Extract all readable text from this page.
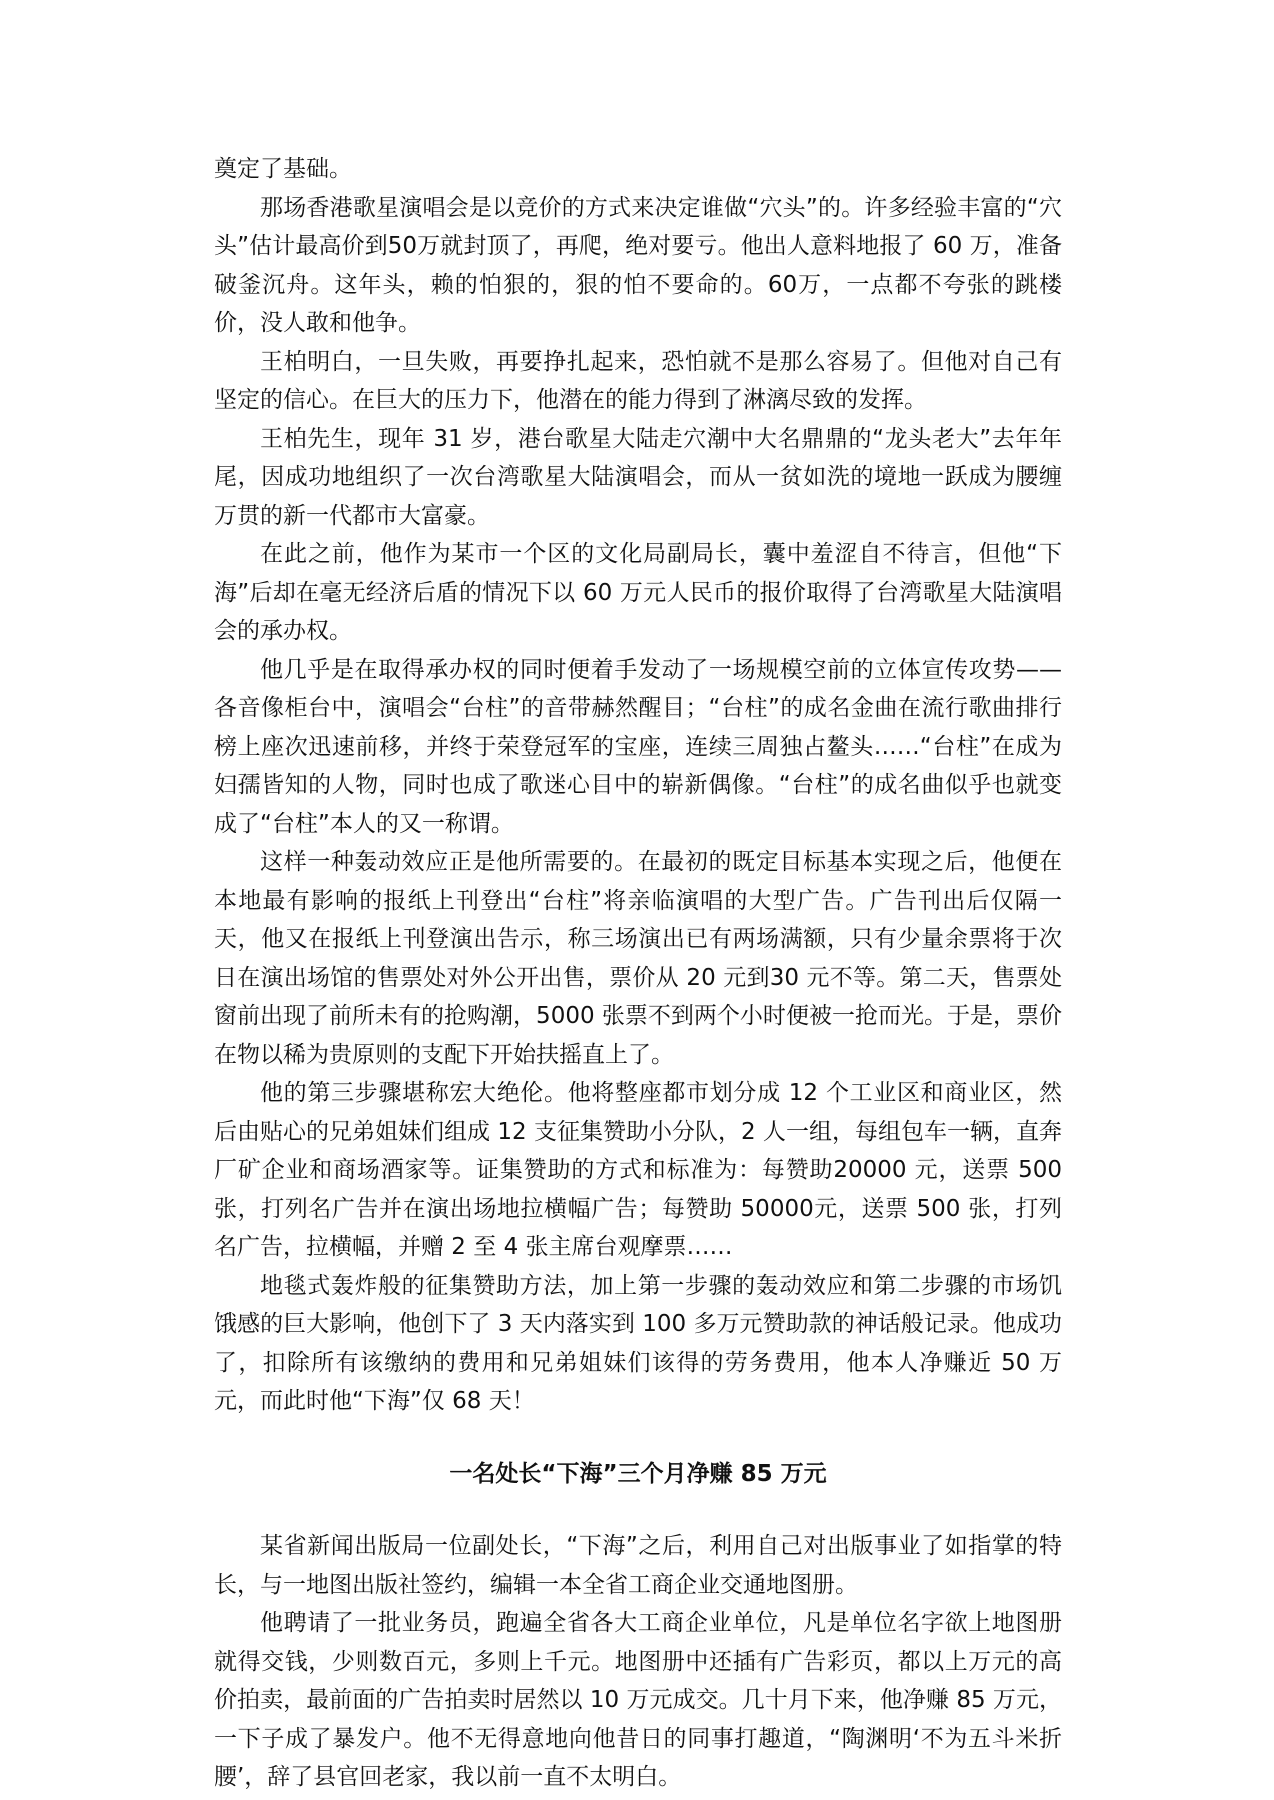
奠定了基础。

那场香港歌星演唱会是以竞价的方式来决定谁做“穴头”的。许多经验丰富的“穴头”估计最高价到50万就封顶了，再爬，绝对要亏。他出人意料地报了 60 万，准备破釜沉舟。这年头，赖的怕狠的，狠的怕不要命的。60万，一点都不夸张的跳楼价，没人敢和他争。

王柏明白，一旦失败，再要挣扎起来，恐怕就不是那么容易了。但他对自己有坚定的信心。在巨大的压力下，他潜在的能力得到了淋漓尽致的发挥。

王柏先生，现年 31 岁，港台歌星大陆走穴潮中大名鼎鼎的“龙头老大”去年年尾，因成功地组织了一次台湾歌星大陆演唱会，而从一贫如洗的境地一跃成为腰缠万贯的新一代都市大富豪。

在此之前，他作为某市一个区的文化局副局长，囊中羞涩自不待言，但他“下海”后却在毫无经济后盾的情况下以 60 万元人民币的报价取得了台湾歌星大陆演唱会的承办权。

他几乎是在取得承办权的同时便着手发动了一场规模空前的立体宣传攻势——各音像柜台中，演唱会“台柱”的音带赫然醒目；“台柱”的成名金曲在流行歌曲排行榜上座次迅速前移，并终于荣登冠军的宝座，连续三周独占鳌头……“台柱”在成为妇孺皆知的人物，同时也成了歌迷心目中的崭新偶像。“台柱”的成名曲似乎也就变成了“台柱”本人的又一称谓。

这样一种轰动效应正是他所需要的。在最初的既定目标基本实现之后，他便在本地最有影响的报纸上刊登出“台柱”将亲临演唱的大型广告。广告刊出后仅隔一天，他又在报纸上刊登演出告示，称三场演出已有两场满额，只有少量余票将于次日在演出场馆的售票处对外公开出售，票价从 20 元到30 元不等。第二天，售票处窗前出现了前所未有的抢购潮，5000 张票不到两个小时便被一抢而光。于是，票价在物以稀为贵原则的支配下开始扶摇直上了。

他的第三步骤堪称宏大绝伦。他将整座都市划分成 12 个工业区和商业区，然后由贴心的兄弟姐妹们组成 12 支征集赞助小分队，2 人一组，每组包车一辆，直奔厂矿企业和商场酒家等。证集赞助的方式和标准为：每赞助20000 元，送票 500 张，打列名广告并在演出场地拉横幅广告；每赞助 50000元，送票 500 张，打列名广告，拉横幅，并赠 2 至 4 张主席台观摩票……

地毯式轰炸般的征集赞助方法，加上第一步骤的轰动效应和第二步骤的市场饥饿感的巨大影响，他创下了 3 天内落实到 100 多万元赞助款的神话般记录。他成功了，扣除所有该缴纳的费用和兄弟姐妹们该得的劳务费用，他本人净赚近 50 万元，而此时他“下海”仅 68 天！

一名处长“下海”三个月净赚 85 万元

某省新闻出版局一位副处长，“下海”之后，利用自己对出版事业了如指掌的特长，与一地图出版社签约，编辑一本全省工商企业交通地图册。

他聘请了一批业务员，跑遍全省各大工商企业单位，凡是单位名字欲上地图册就得交钱，少则数百元，多则上千元。地图册中还插有广告彩页，都以上万元的高价拍卖，最前面的广告拍卖时居然以 10 万元成交。几十月下来，他净赚 85 万元，一下子成了暴发户。他不无得意地向他昔日的同事打趣道，“陶渊明‘不为五斗米折腰’，辞了县官回老家，我以前一直不太明白。
